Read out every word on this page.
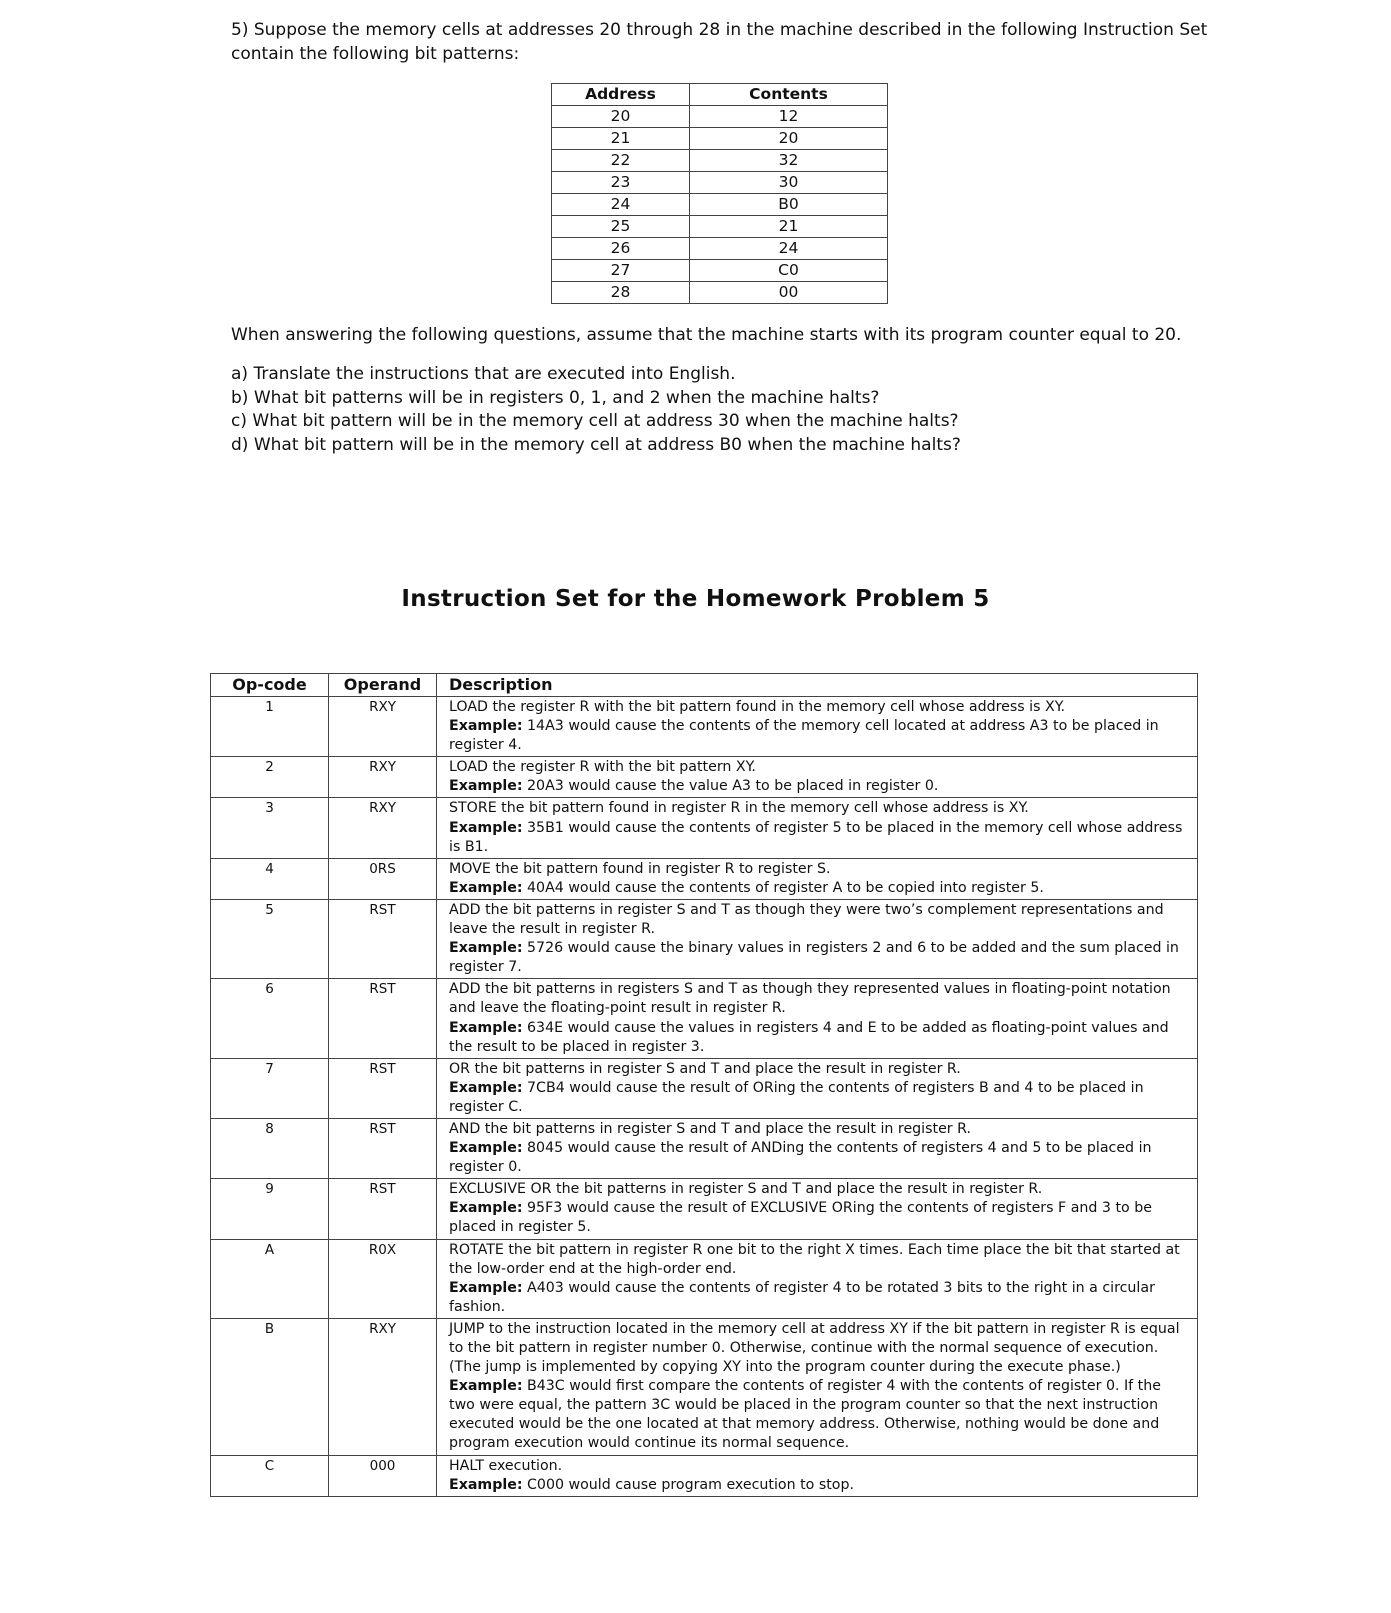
5) Suppose the memory cells at addresses 20 through 28 in the machine described in the following Instruction Set contain the following bit patterns:

Address	Contents
20	12
21	20
22	32
23	30
24	B0
25	21
26	24
27	C0
28	00

When answering the following questions, assume that the machine starts with its program counter equal to 20.

a) Translate the instructions that are executed into English.
b) What bit patterns will be in registers 0, 1, and 2 when the machine halts?
c) What bit pattern will be in the memory cell at address 30 when the machine halts?
d) What bit pattern will be in the memory cell at address B0 when the machine halts?
Instruction Set for the Homework Problem 5
Op-code	Operand	Description
1	RXY	LOAD the register R with the bit pattern found in the memory cell whose address is XY.
Example: 14A3 would cause the contents of the memory cell located at address A3 to be placed in register 4.

2	RXY	LOAD the register R with the bit pattern XY.
Example: 20A3 would cause the value A3 to be placed in register 0.

3	RXY	STORE the bit pattern found in register R in the memory cell whose address is XY.
Example: 35B1 would cause the contents of register 5 to be placed in the memory cell whose address is B1.

4	0RS	MOVE the bit pattern found in register R to register S.
Example: 40A4 would cause the contents of register A to be copied into register 5.

5	RST	ADD the bit patterns in register S and T as though they were two’s complement representations and leave the result in register R.
Example: 5726 would cause the binary values in registers 2 and 6 to be added and the sum placed in register 7.

6	RST	ADD the bit patterns in registers S and T as though they represented values in floating-point notation and leave the floating-point result in register R.
Example: 634E would cause the values in registers 4 and E to be added as floating-point values and the result to be placed in register 3.

7	RST	OR the bit patterns in register S and T and place the result in register R.
Example: 7CB4 would cause the result of ORing the contents of registers B and 4 to be placed in register C.

8	RST	AND the bit patterns in register S and T and place the result in register R.
Example: 8045 would cause the result of ANDing the contents of registers 4 and 5 to be placed in register 0.

9	RST	EXCLUSIVE OR the bit patterns in register S and T and place the result in register R.
Example: 95F3 would cause the result of EXCLUSIVE ORing the contents of registers F and 3 to be placed in register 5.

A	R0X	ROTATE the bit pattern in register R one bit to the right X times. Each time place the bit that started at the low-order end at the high-order end.
Example: A403 would cause the contents of register 4 to be rotated 3 bits to the right in a circular fashion.

B	RXY	JUMP to the instruction located in the memory cell at address XY if the bit pattern in register R is equal to the bit pattern in register number 0. Otherwise, continue with the normal sequence of execution. (The jump is implemented by copying XY into the program counter during the execute phase.)
Example: B43C would first compare the contents of register 4 with the contents of register 0. If the two were equal, the pattern 3C would be placed in the program counter so that the next instruction executed would be the one located at that memory address. Otherwise, nothing would be done and program execution would continue its normal sequence.

C	000	HALT execution.
Example: C000 would cause program execution to stop.
